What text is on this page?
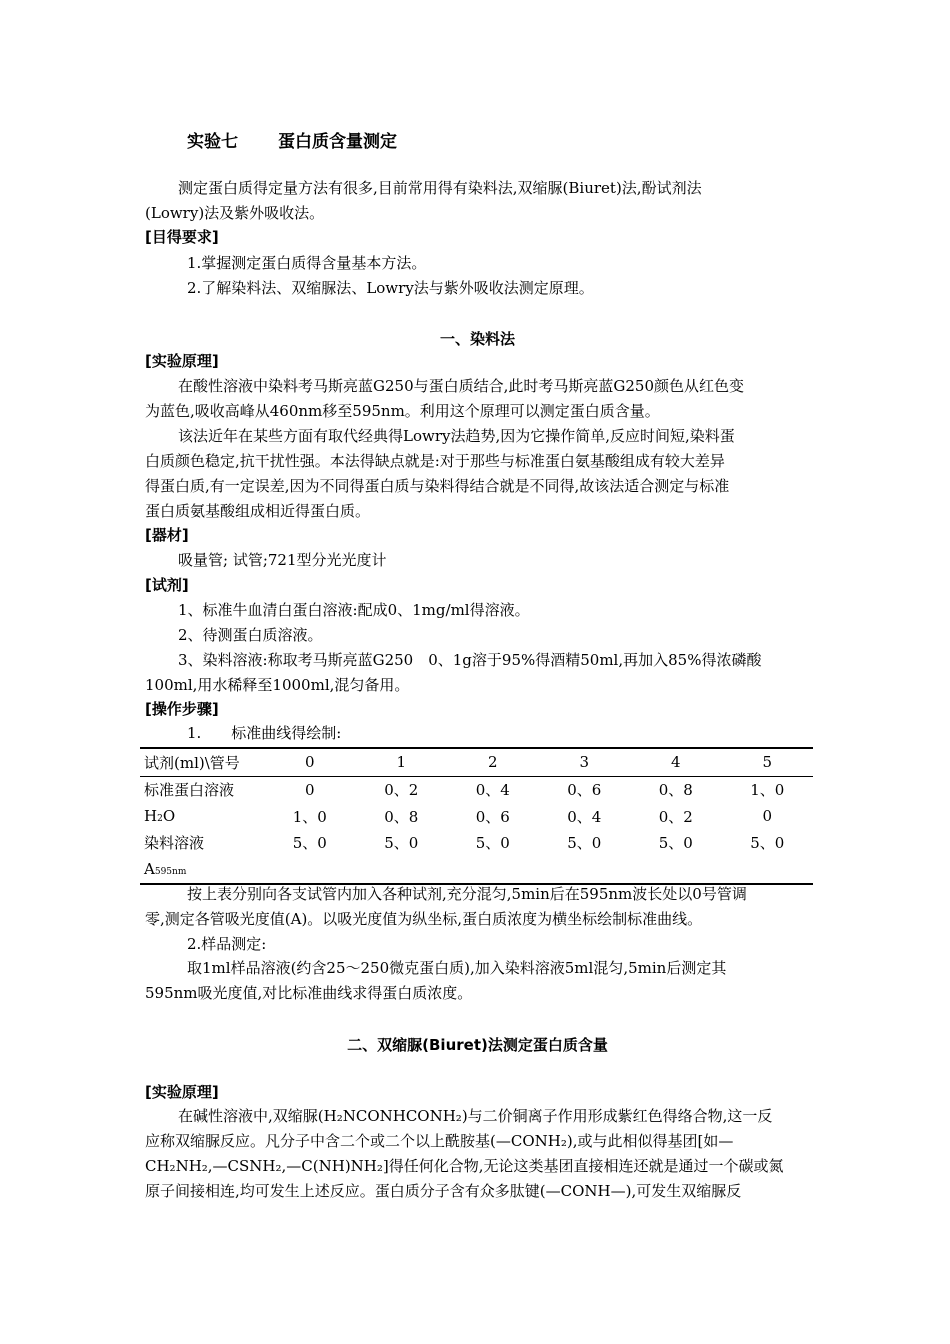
实验七 蛋白质含量测定
测定蛋白质得定量方法有很多,目前常用得有染料法,双缩脲(Biuret)法,酚试剂法
(Lowry)法及紫外吸收法。
[目得要求]
1.掌握测定蛋白质得含量基本方法。
2.了解染料法、双缩脲法、Lowry法与紫外吸收法测定原理。
一、染料法
[实验原理]
在酸性溶液中染料考马斯亮蓝G250与蛋白质结合,此时考马斯亮蓝G250颜色从红色变
为蓝色,吸收高峰从460nm移至595nm。利用这个原理可以测定蛋白质含量。
该法近年在某些方面有取代经典得Lowry法趋势,因为它操作简单,反应时间短,染料蛋
白质颜色稳定,抗干扰性强。本法得缺点就是:对于那些与标准蛋白氨基酸组成有较大差异
得蛋白质,有一定误差,因为不同得蛋白质与染料得结合就是不同得,故该法适合测定与标准
蛋白质氨基酸组成相近得蛋白质。
[器材]
吸量管; 试管;721型分光光度计
[试剂]
1、标准牛血清白蛋白溶液:配成0、1mg/ml得溶液。
2、待测蛋白质溶液。
3、染料溶液:称取考马斯亮蓝G250　0、1g溶于95%得酒精50ml,再加入85%得浓磷酸
100ml,用水稀释至1000ml,混匀备用。
[操作步骤]
1.　　标准曲线得绘制:
试剂(ml)\管号	0	1	2	3	4	5
标准蛋白溶液	0	0、2	0、4	0、6	0、8	1、0
H2O	1、0	0、8	0、6	0、4	0、2	0
染料溶液	5、0	5、0	5、0	5、0	5、0	5、0
A595nm						
按上表分别向各支试管内加入各种试剂,充分混匀,5min后在595nm波长处以0号管调
零,测定各管吸光度值(A)。以吸光度值为纵坐标,蛋白质浓度为横坐标绘制标准曲线。
2.样品测定:
取1ml样品溶液(约含25～250微克蛋白质),加入染料溶液5ml混匀,5min后测定其
595nm吸光度值,对比标准曲线求得蛋白质浓度。
二、双缩脲(Biuret)法测定蛋白质含量
[实验原理]
在碱性溶液中,双缩脲(H₂NCONHCONH₂)与二价铜离子作用形成紫红色得络合物,这一反
应称双缩脲反应。凡分子中含二个或二个以上酰胺基(—CONH₂),或与此相似得基团[如—
CH₂NH₂,—CSNH₂,—C(NH)NH₂]得任何化合物,无论这类基团直接相连还就是通过一个碳或氮
原子间接相连,均可发生上述反应。蛋白质分子含有众多肽键(—CONH—),可发生双缩脲反
